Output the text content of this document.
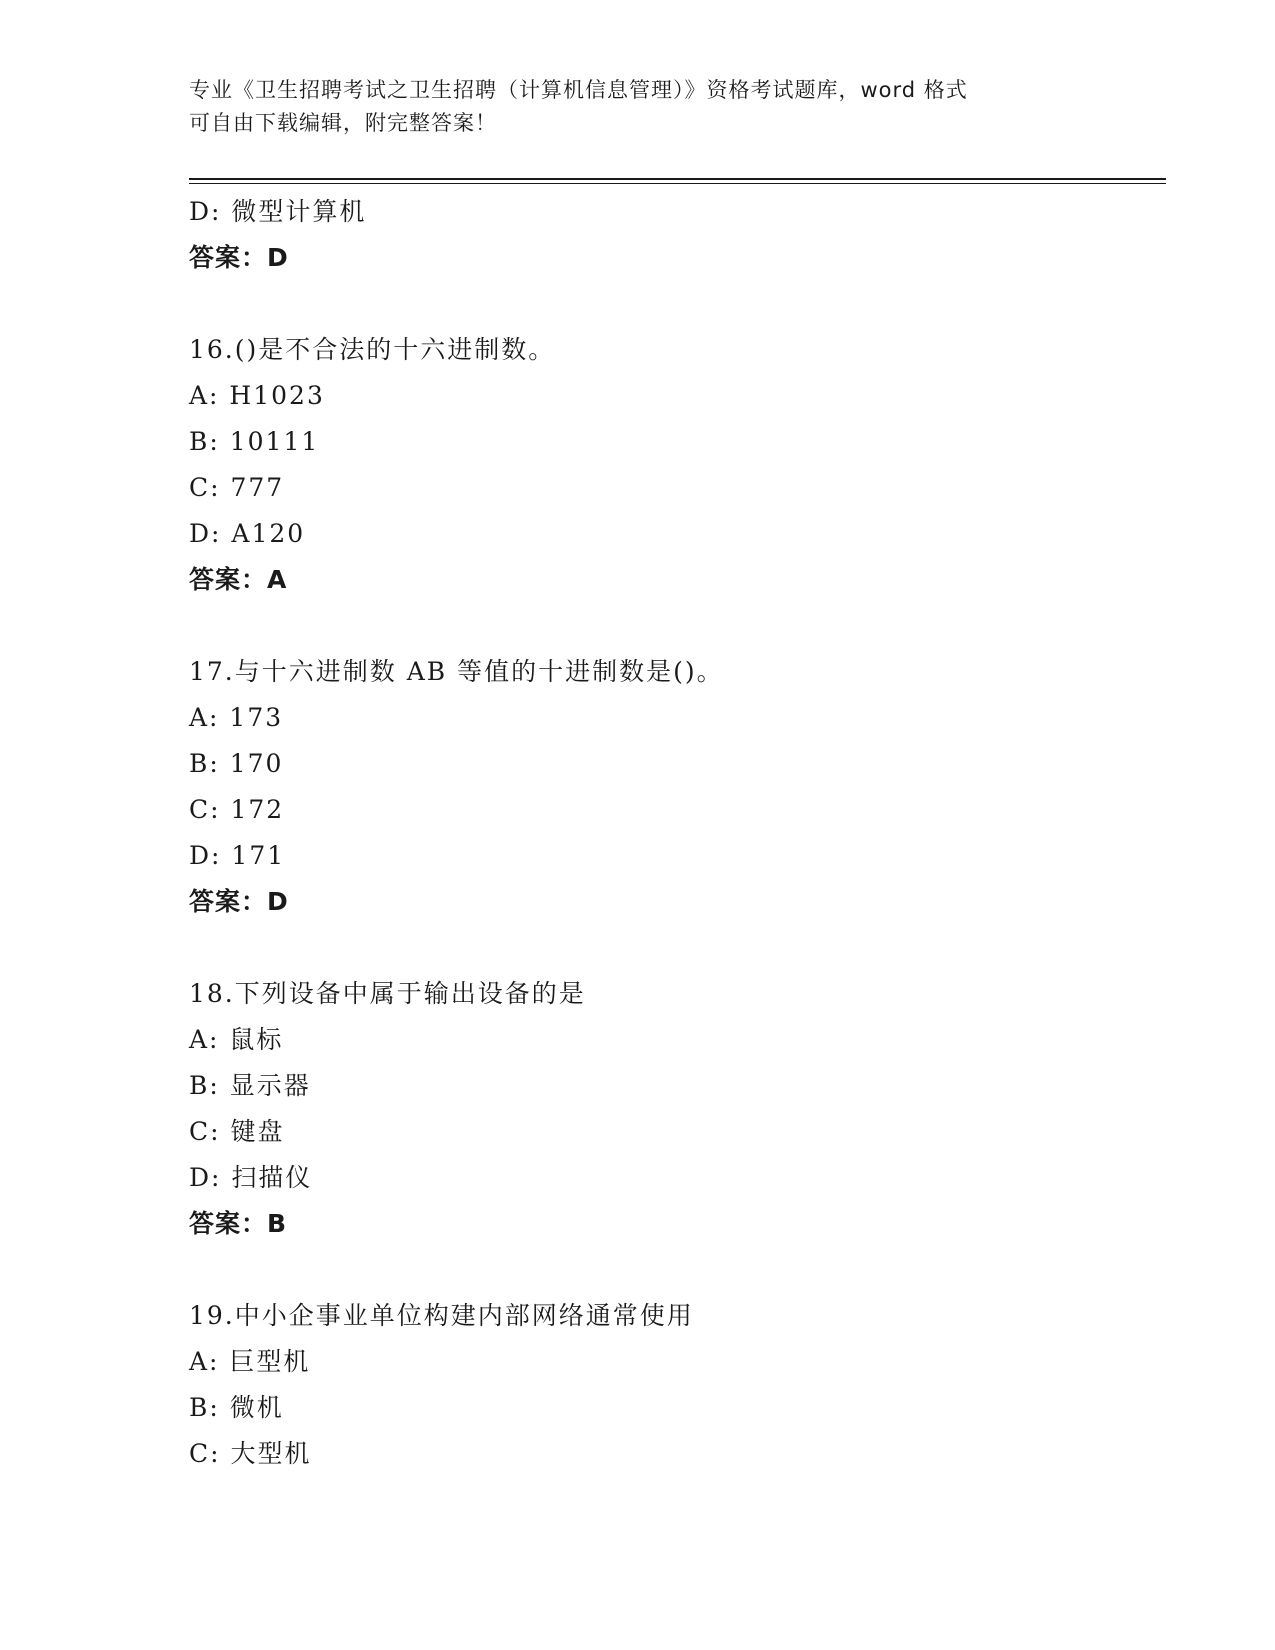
专业《卫生招聘考试之卫生招聘（计算机信息管理）》资格考试题库，word 格式
可自由下载编辑，附完整答案！
D: 微型计算机
答案：D
16.()是不合法的十六进制数。
A: H1023
B: 10111
C: 777
D: A120
答案：A
17.与十六进制数 AB 等值的十进制数是()。
A: 173
B: 170
C: 172
D: 171
答案：D
18.下列设备中属于输出设备的是
A: 鼠标
B: 显示器
C: 键盘
D: 扫描仪
答案：B
19.中小企事业单位构建内部网络通常使用
A: 巨型机
B: 微机
C: 大型机
